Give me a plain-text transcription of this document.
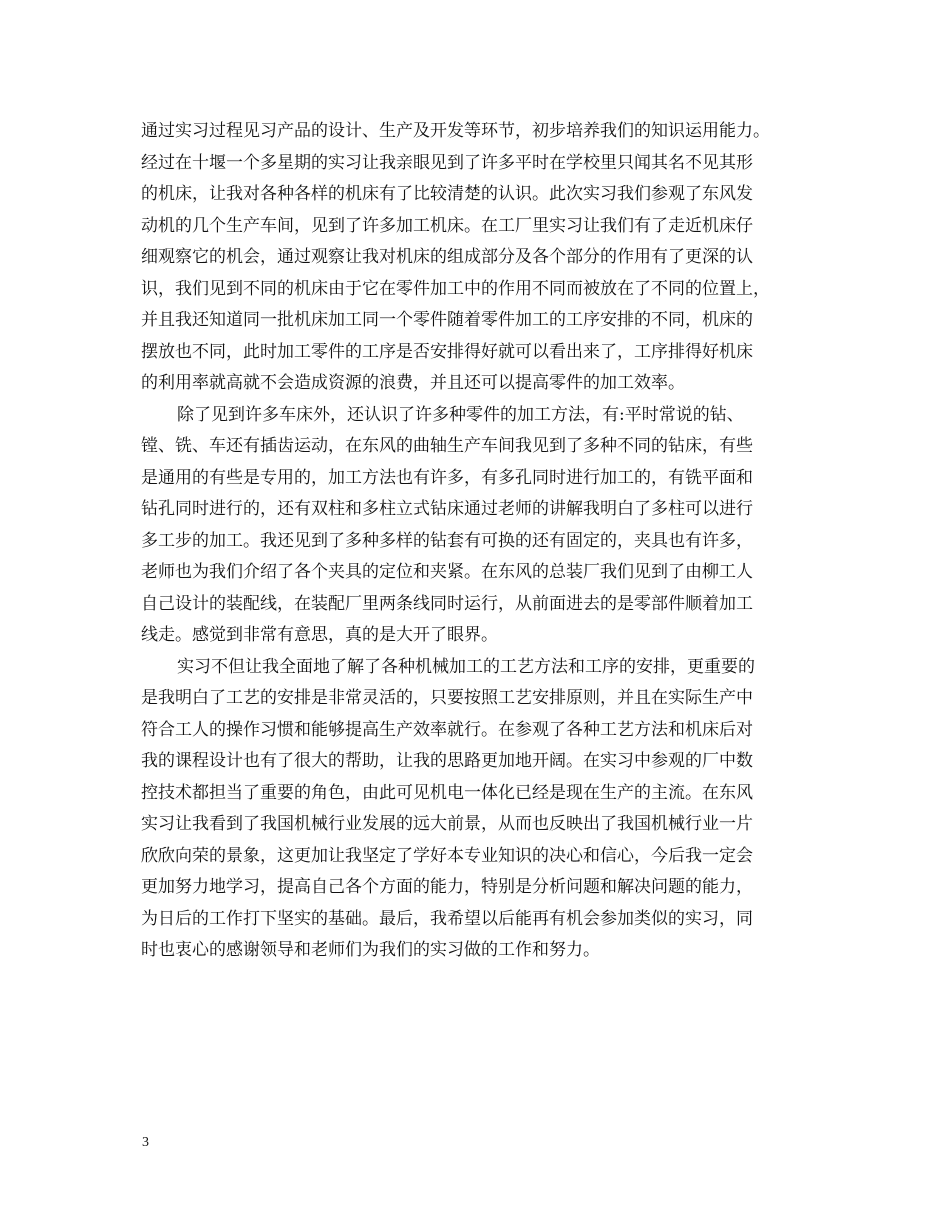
通过实习过程见习产品的设计、生产及开发等环节，初步培养我们的知识运用能力。
经过在十堰一个多星期的实习让我亲眼见到了许多平时在学校里只闻其名不见其形
的机床，让我对各种各样的机床有了比较清楚的认识。此次实习我们参观了东风发
动机的几个生产车间，见到了许多加工机床。在工厂里实习让我们有了走近机床仔
细观察它的机会，通过观察让我对机床的组成部分及各个部分的作用有了更深的认
识，我们见到不同的机床由于它在零件加工中的作用不同而被放在了不同的位置上，
并且我还知道同一批机床加工同一个零件随着零件加工的工序安排的不同，机床的
摆放也不同，此时加工零件的工序是否安排得好就可以看出来了，工序排得好机床
的利用率就高就不会造成资源的浪费，并且还可以提高零件的加工效率。
除了见到许多车床外，还认识了许多种零件的加工方法，有:平时常说的钻、
镗、铣、车还有插齿运动，在东风的曲轴生产车间我见到了多种不同的钻床，有些
是通用的有些是专用的，加工方法也有许多，有多孔同时进行加工的，有铣平面和
钻孔同时进行的，还有双柱和多柱立式钻床通过老师的讲解我明白了多柱可以进行
多工步的加工。我还见到了多种多样的钻套有可换的还有固定的，夹具也有许多，
老师也为我们介绍了各个夹具的定位和夹紧。在东风的总装厂我们见到了由柳工人
自己设计的装配线，在装配厂里两条线同时运行，从前面进去的是零部件顺着加工
线走。感觉到非常有意思，真的是大开了眼界。
实习不但让我全面地了解了各种机械加工的工艺方法和工序的安排，更重要的
是我明白了工艺的安排是非常灵活的，只要按照工艺安排原则，并且在实际生产中
符合工人的操作习惯和能够提高生产效率就行。在参观了各种工艺方法和机床后对
我的课程设计也有了很大的帮助，让我的思路更加地开阔。在实习中参观的厂中数
控技术都担当了重要的角色，由此可见机电一体化已经是现在生产的主流。在东风
实习让我看到了我国机械行业发展的远大前景，从而也反映出了我国机械行业一片
欣欣向荣的景象，这更加让我坚定了学好本专业知识的决心和信心，今后我一定会
更加努力地学习，提高自己各个方面的能力，特别是分析问题和解决问题的能力，
为日后的工作打下坚实的基础。最后，我希望以后能再有机会参加类似的实习，同
时也衷心的感谢领导和老师们为我们的实习做的工作和努力。
3
